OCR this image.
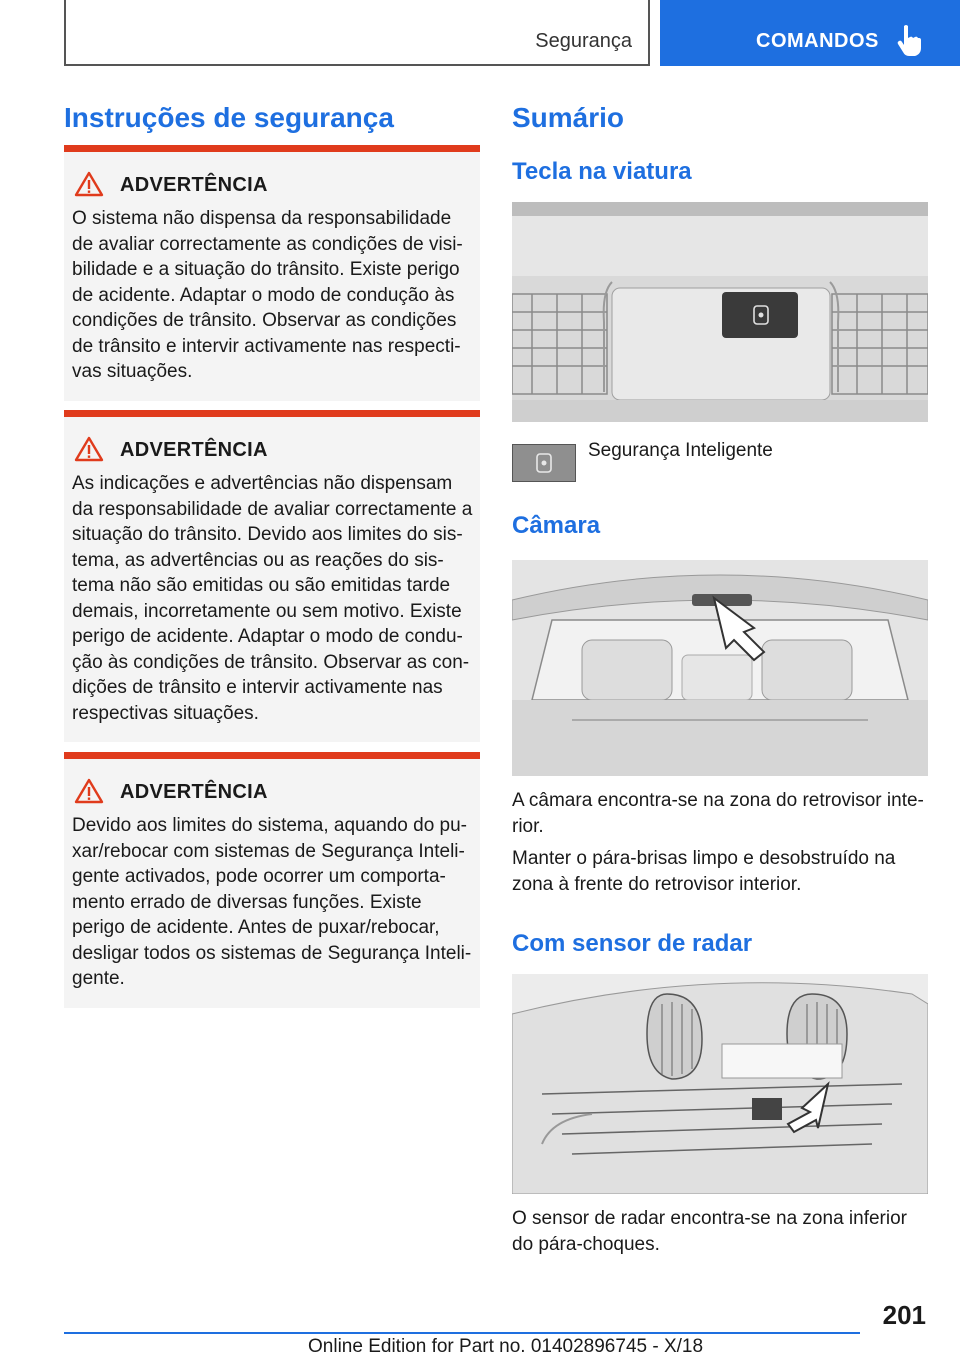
Segurança	COMANDOS
Instruções de segurança
ADVERTÊNCIA
O sistema não dispensa da responsabilidade
de avaliar correctamente as condições de visi‐
bilidade e a situação do trânsito. Existe perigo
de acidente. Adaptar o modo de condução às
condições de trânsito. Observar as condições
de trânsito e intervir activamente nas respecti‐
vas situações.
ADVERTÊNCIA
As indicações e advertências não dispensam
da responsabilidade de avaliar correctamente a
situação do trânsito. Devido aos limites do sis‐
tema, as advertências ou as reações do sis‐
tema não são emitidas ou são emitidas tarde
demais, incorretamente ou sem motivo. Existe
perigo de acidente. Adaptar o modo de condu‐
ção às condições de trânsito. Observar as con‐
dições de trânsito e intervir activamente nas
respectivas situações.
ADVERTÊNCIA
Devido aos limites do sistema, aquando do pu‐
xar/rebocar com sistemas de Segurança Inteli‐
gente activados, pode ocorrer um comporta‐
mento errado de diversas funções. Existe
perigo de acidente. Antes de puxar/rebocar,
desligar todos os sistemas de Segurança Inteli‐
gente.
Sumário
Tecla na viatura
Segurança Inteligente
Câmara
A câmara encontra-se na zona do retrovisor inte‐
rior.
Manter o pára-brisas limpo e desobstruído na
zona à frente do retrovisor interior.
Com sensor de radar
O sensor de radar encontra-se na zona inferior
do pára-choques.
201
Online Edition for Part no. 01402896745 - X/18
